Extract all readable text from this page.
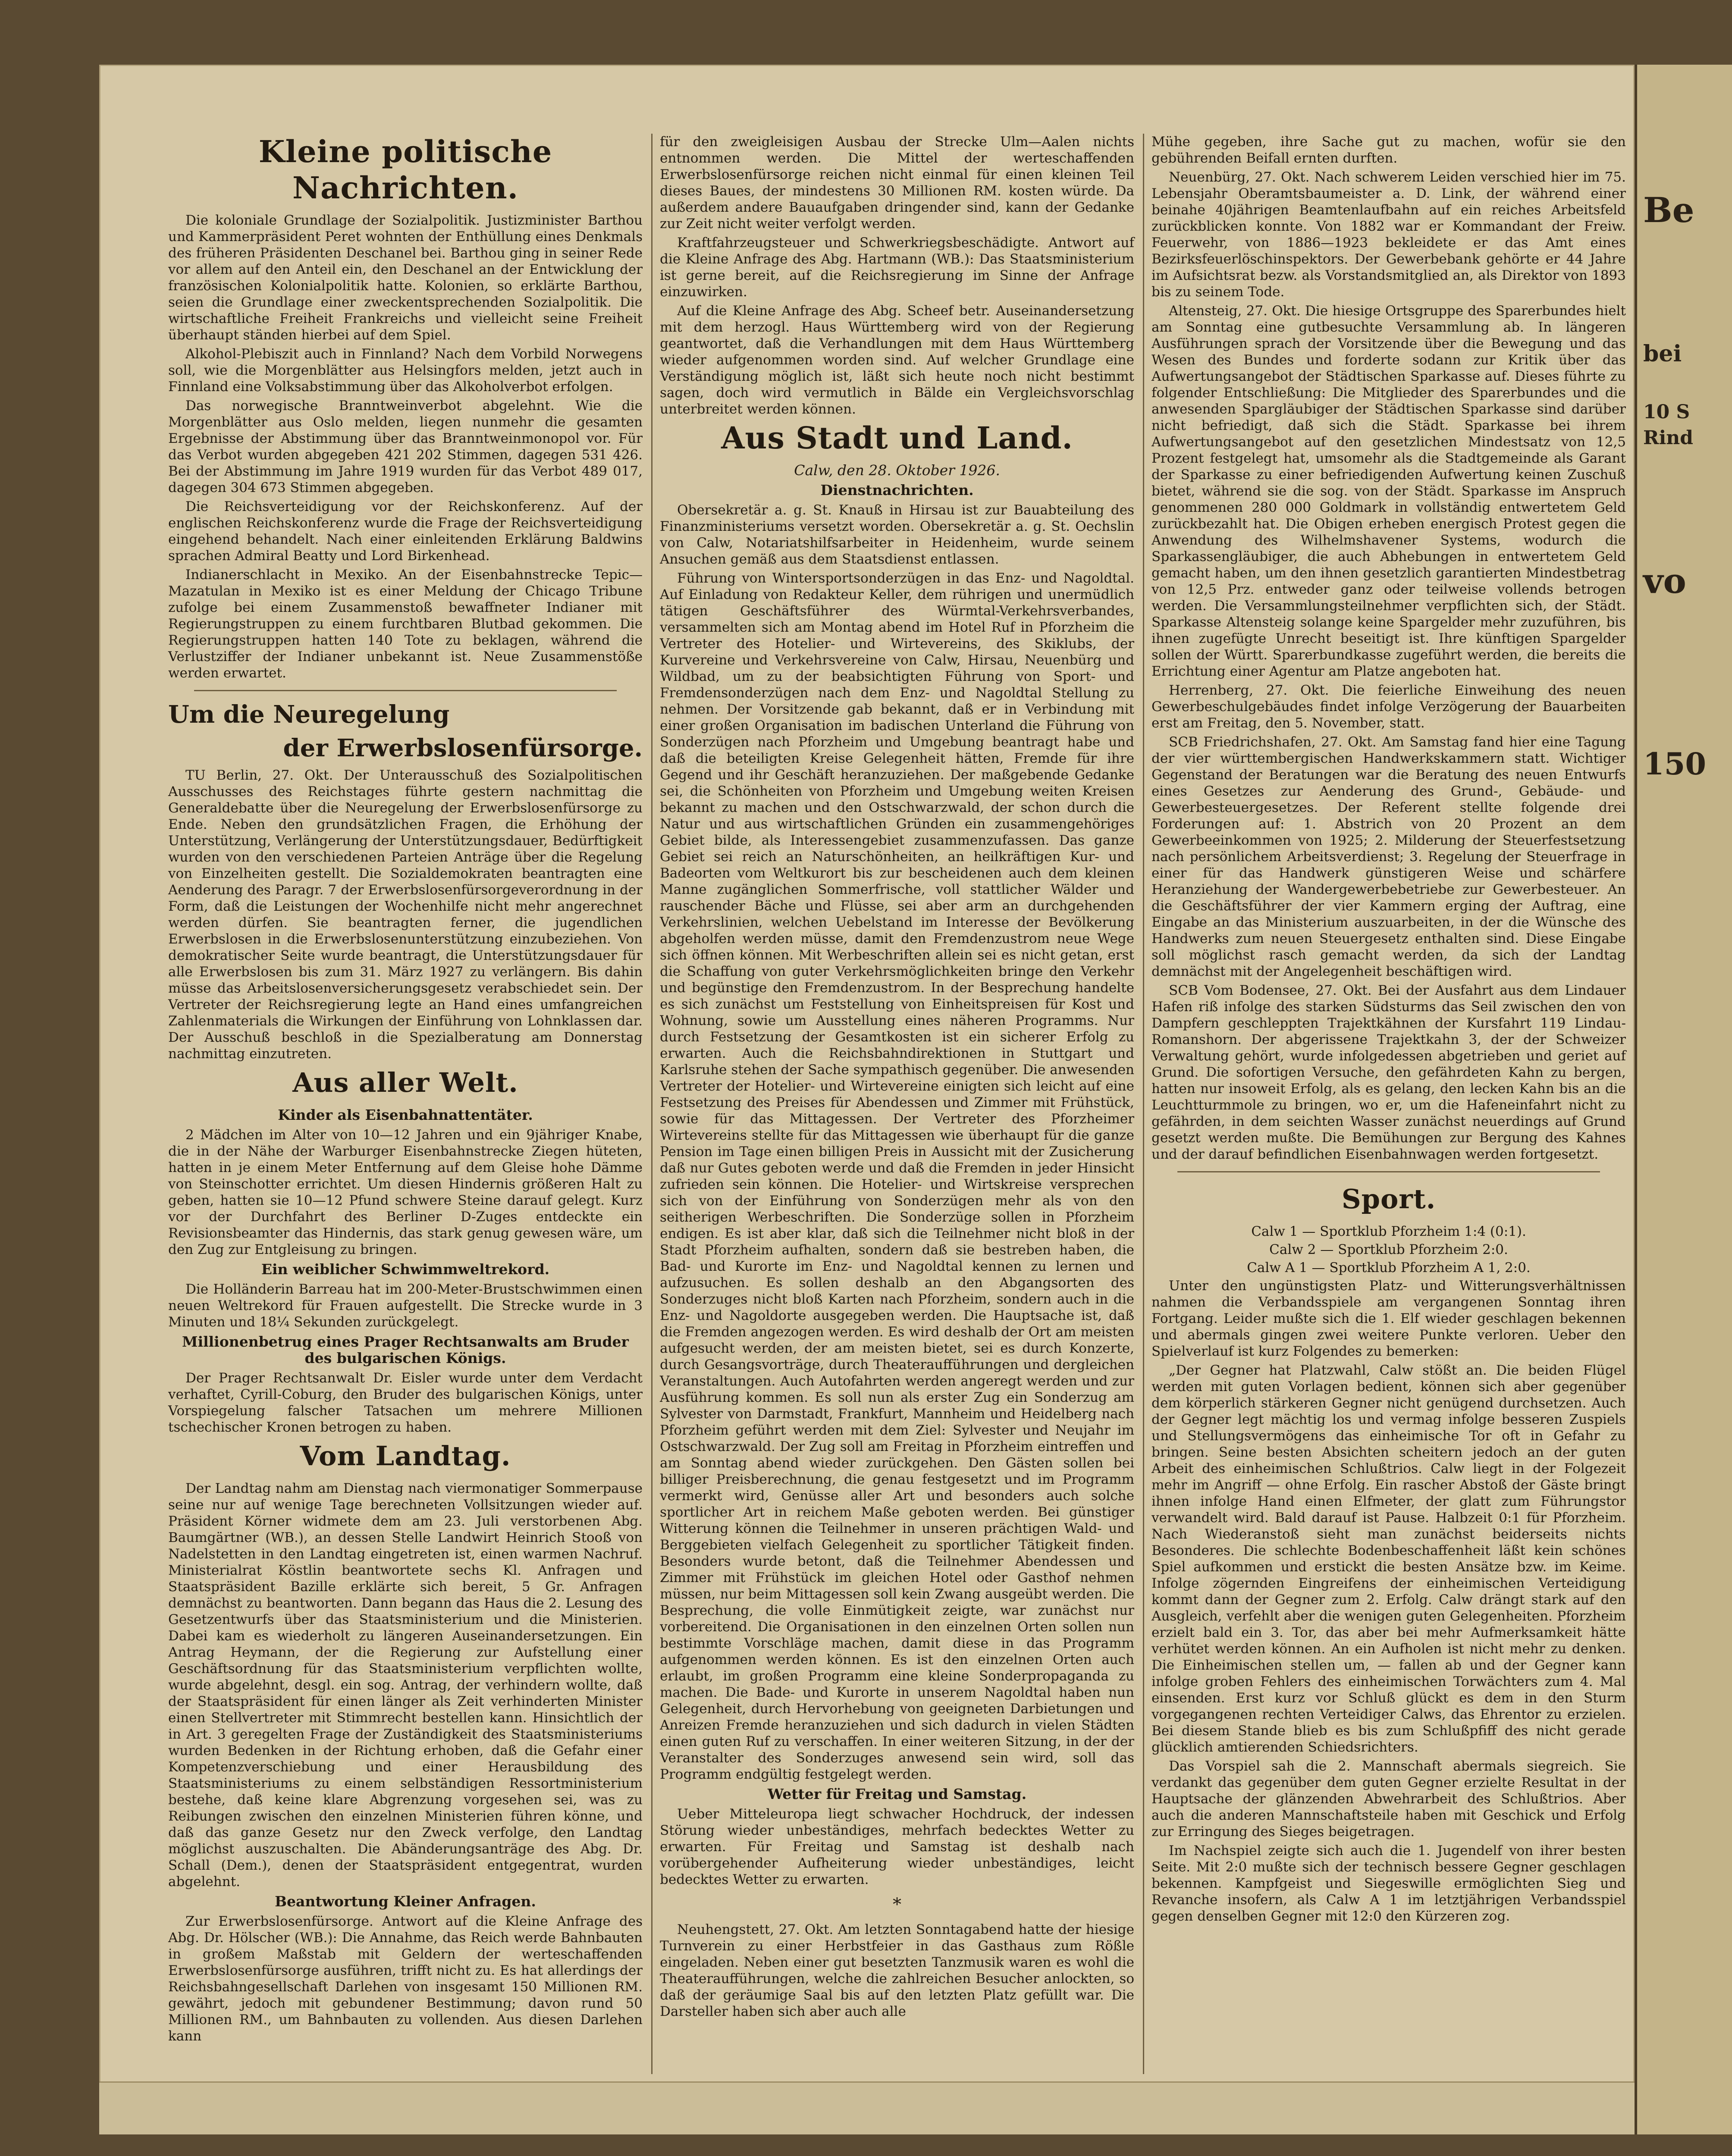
Kleine politische Nachrichten.

Die koloniale Grundlage der Sozialpolitik. Justizminister Barthou und Kammerpräsident Peret wohnten der Enthüllung eines Denkmals des früheren Präsidenten Deschanel bei. Barthou ging in seiner Rede vor allem auf den Anteil ein, den Deschanel an der Entwicklung der französischen Kolonialpolitik hatte. Kolonien, so erklärte Barthou, seien die Grundlage einer zweckentsprechenden Sozialpolitik. Die wirtschaftliche Freiheit Frankreichs und vielleicht seine Freiheit überhaupt ständen hierbei auf dem Spiel.

Alkohol-Plebiszit auch in Finnland? Nach dem Vorbild Norwegens soll, wie die Morgenblätter aus Helsingfors melden, jetzt auch in Finnland eine Volksabstimmung über das Alkoholverbot erfolgen.

Das norwegische Branntweinverbot abgelehnt. Wie die Morgenblätter aus Oslo melden, liegen nunmehr die gesamten Ergebnisse der Abstimmung über das Branntweinmonopol vor. Für das Verbot wurden abgegeben 421 202 Stimmen, dagegen 531 426. Bei der Abstimmung im Jahre 1919 wurden für das Verbot 489 017, dagegen 304 673 Stimmen abgegeben.

Die Reichsverteidigung vor der Reichskonferenz. Auf der englischen Reichskonferenz wurde die Frage der Reichsverteidigung eingehend behandelt. Nach einer einleitenden Erklärung Baldwins sprachen Admiral Beatty und Lord Birkenhead.

Indianerschlacht in Mexiko. An der Eisenbahnstrecke Tepic—Mazatulan in Mexiko ist es einer Meldung der Chicago Tribune zufolge bei einem Zusammenstoß bewaffneter Indianer mit Regierungstruppen zu einem furchtbaren Blutbad gekommen. Die Regierungstruppen hatten 140 Tote zu beklagen, während die Verlustziffer der Indianer unbekannt ist. Neue Zusammenstöße werden erwartet.

Um die Neuregelung
der Erwerbslosenfürsorge.

TU Berlin, 27. Okt. Der Unterausschuß des Sozialpolitischen Ausschusses des Reichstages führte gestern nachmittag die Generaldebatte über die Neuregelung der Erwerbslosenfürsorge zu Ende. Neben den grundsätzlichen Fragen, die Erhöhung der Unterstützung, Verlängerung der Unterstützungsdauer, Bedürftigkeit wurden von den verschiedenen Parteien Anträge über die Regelung von Einzelheiten gestellt. Die Sozialdemokraten beantragten eine Aenderung des Paragr. 7 der Erwerbslosenfürsorgeverordnung in der Form, daß die Leistungen der Wochenhilfe nicht mehr angerechnet werden dürfen. Sie beantragten ferner, die jugendlichen Erwerbslosen in die Erwerbslosenunterstützung einzubeziehen. Von demokratischer Seite wurde beantragt, die Unterstützungsdauer für alle Erwerbslosen bis zum 31. März 1927 zu verlängern. Bis dahin müsse das Arbeitslosenversicherungsgesetz verabschiedet sein. Der Vertreter der Reichsregierung legte an Hand eines umfangreichen Zahlenmaterials die Wirkungen der Einführung von Lohnklassen dar. Der Ausschuß beschloß in die Spezialberatung am Donnerstag nachmittag einzutreten.

Aus aller Welt.
Kinder als Eisenbahnattentäter.

2 Mädchen im Alter von 10—12 Jahren und ein 9jähriger Knabe, die in der Nähe der Warburger Eisenbahnstrecke Ziegen hüteten, hatten in je einem Meter Entfernung auf dem Gleise hohe Dämme von Steinschotter errichtet. Um diesen Hindernis größeren Halt zu geben, hatten sie 10—12 Pfund schwere Steine darauf gelegt. Kurz vor der Durchfahrt des Berliner D-Zuges entdeckte ein Revisionsbeamter das Hindernis, das stark genug gewesen wäre, um den Zug zur Entgleisung zu bringen.

Ein weiblicher Schwimmweltrekord.

Die Holländerin Barreau hat im 200-Meter-Brustschwimmen einen neuen Weltrekord für Frauen aufgestellt. Die Strecke wurde in 3 Minuten und 18¼ Sekunden zurückgelegt.

Millionenbetrug eines Prager Rechtsanwalts am Bruder des bulgarischen Königs.

Der Prager Rechtsanwalt Dr. Eisler wurde unter dem Verdacht verhaftet, Cyrill-Coburg, den Bruder des bulgarischen Königs, unter Vorspiegelung falscher Tatsachen um mehrere Millionen tschechischer Kronen betrogen zu haben.

Vom Landtag.

Der Landtag nahm am Dienstag nach viermonatiger Sommerpause seine nur auf wenige Tage berechneten Vollsitzungen wieder auf. Präsident Körner widmete dem am 23. Juli verstorbenen Abg. Baumgärtner (WB.), an dessen Stelle Landwirt Heinrich Stooß von Nadelstetten in den Landtag eingetreten ist, einen warmen Nachruf. Ministerialrat Köstlin beantwortete sechs Kl. Anfragen und Staatspräsident Bazille erklärte sich bereit, 5 Gr. Anfragen demnächst zu beantworten. Dann begann das Haus die 2. Lesung des Gesetzentwurfs über das Staatsministerium und die Ministerien. Dabei kam es wiederholt zu längeren Auseinandersetzungen. Ein Antrag Heymann, der die Regierung zur Aufstellung einer Geschäftsordnung für das Staatsministerium verpflichten wollte, wurde abgelehnt, desgl. ein sog. Antrag, der verhindern wollte, daß der Staatspräsident für einen länger als Zeit verhinderten Minister einen Stellvertreter mit Stimmrecht bestellen kann. Hinsichtlich der in Art. 3 geregelten Frage der Zuständigkeit des Staatsministeriums wurden Bedenken in der Richtung erhoben, daß die Gefahr einer Kompetenzverschiebung und einer Herausbildung des Staatsministeriums zu einem selbständigen Ressortministerium bestehe, daß keine klare Abgrenzung vorgesehen sei, was zu Reibungen zwischen den einzelnen Ministerien führen könne, und daß das ganze Gesetz nur den Zweck verfolge, den Landtag möglichst auszuschalten. Die Abänderungsanträge des Abg. Dr. Schall (Dem.), denen der Staatspräsident entgegentrat, wurden abgelehnt.

Beantwortung Kleiner Anfragen.

Zur Erwerbslosenfürsorge. Antwort auf die Kleine Anfrage des Abg. Dr. Hölscher (WB.): Die Annahme, das Reich werde Bahnbauten in großem Maßstab mit Geldern der werteschaffenden Erwerbslosenfürsorge ausführen, trifft nicht zu. Es hat allerdings der Reichsbahngesellschaft Darlehen von insgesamt 150 Millionen RM. gewährt, jedoch mit gebundener Bestimmung; davon rund 50 Millionen RM., um Bahnbauten zu vollenden. Aus diesen Darlehen kann

für den zweigleisigen Ausbau der Strecke Ulm—Aalen nichts entnommen werden. Die Mittel der werteschaffenden Erwerbslosenfürsorge reichen nicht einmal für einen kleinen Teil dieses Baues, der mindestens 30 Millionen RM. kosten würde. Da außerdem andere Bauaufgaben dringender sind, kann der Gedanke zur Zeit nicht weiter verfolgt werden.

Kraftfahrzeugsteuer und Schwerkriegsbeschädigte. Antwort auf die Kleine Anfrage des Abg. Hartmann (WB.): Das Staatsministerium ist gerne bereit, auf die Reichsregierung im Sinne der Anfrage einzuwirken.

Auf die Kleine Anfrage des Abg. Scheef betr. Auseinandersetzung mit dem herzogl. Haus Württemberg wird von der Regierung geantwortet, daß die Verhandlungen mit dem Haus Württemberg wieder aufgenommen worden sind. Auf welcher Grundlage eine Verständigung möglich ist, läßt sich heute noch nicht bestimmt sagen, doch wird vermutlich in Bälde ein Vergleichsvorschlag unterbreitet werden können.

Aus Stadt und Land.
Calw, den 28. Oktober 1926.
Dienstnachrichten.

Obersekretär a. g. St. Knauß in Hirsau ist zur Bauabteilung des Finanzministeriums versetzt worden. Obersekretär a. g. St. Oechslin von Calw, Notariatshilfsarbeiter in Heidenheim, wurde seinem Ansuchen gemäß aus dem Staatsdienst entlassen.

Führung von Wintersportsonderzügen in das Enz- und Nagoldtal. Auf Einladung von Redakteur Keller, dem rührigen und unermüdlich tätigen Geschäftsführer des Würmtal-Verkehrsverbandes, versammelten sich am Montag abend im Hotel Ruf in Pforzheim die Vertreter des Hotelier- und Wirtevereins, des Skiklubs, der Kurvereine und Verkehrsvereine von Calw, Hirsau, Neuenbürg und Wildbad, um zu der beabsichtigten Führung von Sport- und Fremdensonderzügen nach dem Enz- und Nagoldtal Stellung zu nehmen. Der Vorsitzende gab bekannt, daß er in Verbindung mit einer großen Organisation im badischen Unterland die Führung von Sonderzügen nach Pforzheim und Umgebung beantragt habe und daß die beteiligten Kreise Gelegenheit hätten, Fremde für ihre Gegend und ihr Geschäft heranzuziehen. Der maßgebende Gedanke sei, die Schönheiten von Pforzheim und Umgebung weiten Kreisen bekannt zu machen und den Ostschwarzwald, der schon durch die Natur und aus wirtschaftlichen Gründen ein zusammengehöriges Gebiet bilde, als Interessengebiet zusammenzufassen. Das ganze Gebiet sei reich an Naturschönheiten, an heilkräftigen Kur- und Badeorten vom Weltkurort bis zur bescheidenen auch dem kleinen Manne zugänglichen Sommerfrische, voll stattlicher Wälder und rauschender Bäche und Flüsse, sei aber arm an durchgehenden Verkehrslinien, welchen Uebelstand im Interesse der Bevölkerung abgeholfen werden müsse, damit den Fremdenzustrom neue Wege sich öffnen können. Mit Werbeschriften allein sei es nicht getan, erst die Schaffung von guter Verkehrsmöglichkeiten bringe den Verkehr und begünstige den Fremdenzustrom. In der Besprechung handelte es sich zunächst um Feststellung von Einheitspreisen für Kost und Wohnung, sowie um Ausstellung eines näheren Programms. Nur durch Festsetzung der Gesamtkosten ist ein sicherer Erfolg zu erwarten. Auch die Reichsbahndirektionen in Stuttgart und Karlsruhe stehen der Sache sympathisch gegenüber. Die anwesenden Vertreter der Hotelier- und Wirtevereine einigten sich leicht auf eine Festsetzung des Preises für Abendessen und Zimmer mit Frühstück, sowie für das Mittagessen. Der Vertreter des Pforzheimer Wirtevereins stellte für das Mittagessen wie überhaupt für die ganze Pension im Tage einen billigen Preis in Aussicht mit der Zusicherung daß nur Gutes geboten werde und daß die Fremden in jeder Hinsicht zufrieden sein können. Die Hotelier- und Wirtskreise versprechen sich von der Einführung von Sonderzügen mehr als von den seitherigen Werbeschriften. Die Sonderzüge sollen in Pforzheim endigen. Es ist aber klar, daß sich die Teilnehmer nicht bloß in der Stadt Pforzheim aufhalten, sondern daß sie bestreben haben, die Bad- und Kurorte im Enz- und Nagoldtal kennen zu lernen und aufzusuchen. Es sollen deshalb an den Abgangsorten des Sonderzuges nicht bloß Karten nach Pforzheim, sondern auch in die Enz- und Nagoldorte ausgegeben werden. Die Hauptsache ist, daß die Fremden angezogen werden. Es wird deshalb der Ort am meisten aufgesucht werden, der am meisten bietet, sei es durch Konzerte, durch Gesangsvorträge, durch Theateraufführungen und dergleichen Veranstaltungen. Auch Autofahrten werden angeregt werden und zur Ausführung kommen. Es soll nun als erster Zug ein Sonderzug am Sylvester von Darmstadt, Frankfurt, Mannheim und Heidelberg nach Pforzheim geführt werden mit dem Ziel: Sylvester und Neujahr im Ostschwarzwald. Der Zug soll am Freitag in Pforzheim eintreffen und am Sonntag abend wieder zurückgehen. Den Gästen sollen bei billiger Preisberechnung, die genau festgesetzt und im Programm vermerkt wird, Genüsse aller Art und besonders auch solche sportlicher Art in reichem Maße geboten werden. Bei günstiger Witterung können die Teilnehmer in unseren prächtigen Wald- und Berggebieten vielfach Gelegenheit zu sportlicher Tätigkeit finden. Besonders wurde betont, daß die Teilnehmer Abendessen und Zimmer mit Frühstück im gleichen Hotel oder Gasthof nehmen müssen, nur beim Mittagessen soll kein Zwang ausgeübt werden. Die Besprechung, die volle Einmütigkeit zeigte, war zunächst nur vorbereitend. Die Organisationen in den einzelnen Orten sollen nun bestimmte Vorschläge machen, damit diese in das Programm aufgenommen werden können. Es ist den einzelnen Orten auch erlaubt, im großen Programm eine kleine Sonderpropaganda zu machen. Die Bade- und Kurorte in unserem Nagoldtal haben nun Gelegenheit, durch Hervorhebung von geeigneten Darbietungen und Anreizen Fremde heranzuziehen und sich dadurch in vielen Städten einen guten Ruf zu verschaffen. In einer weiteren Sitzung, in der der Veranstalter des Sonderzuges anwesend sein wird, soll das Programm endgültig festgelegt werden.

Wetter für Freitag und Samstag.

Ueber Mitteleuropa liegt schwacher Hochdruck, der indessen Störung wieder unbeständiges, mehrfach bedecktes Wetter zu erwarten. Für Freitag und Samstag ist deshalb nach vorübergehender Aufheiterung wieder unbeständiges, leicht bedecktes Wetter zu erwarten.

*

Neuhengstett, 27. Okt. Am letzten Sonntagabend hatte der hiesige Turnverein zu einer Herbstfeier in das Gasthaus zum Rößle eingeladen. Neben einer gut besetzten Tanzmusik waren es wohl die Theateraufführungen, welche die zahlreichen Besucher anlockten, so daß der geräumige Saal bis auf den letzten Platz gefüllt war. Die Darsteller haben sich aber auch alle

Mühe gegeben, ihre Sache gut zu machen, wofür sie den gebührenden Beifall ernten durften.

Neuenbürg, 27. Okt. Nach schwerem Leiden verschied hier im 75. Lebensjahr Oberamtsbaumeister a. D. Link, der während einer beinahe 40jährigen Beamtenlaufbahn auf ein reiches Arbeitsfeld zurückblicken konnte. Von 1882 war er Kommandant der Freiw. Feuerwehr, von 1886—1923 bekleidete er das Amt eines Bezirksfeuerlöschinspektors. Der Gewerbebank gehörte er 44 Jahre im Aufsichtsrat bezw. als Vorstandsmitglied an, als Direktor von 1893 bis zu seinem Tode.

Altensteig, 27. Okt. Die hiesige Ortsgruppe des Sparerbundes hielt am Sonntag eine gutbesuchte Versammlung ab. In längeren Ausführungen sprach der Vorsitzende über die Bewegung und das Wesen des Bundes und forderte sodann zur Kritik über das Aufwertungsangebot der Städtischen Sparkasse auf. Dieses führte zu folgender Entschließung: Die Mitglieder des Sparerbundes und die anwesenden Spargläubiger der Städtischen Sparkasse sind darüber nicht befriedigt, daß sich die Städt. Sparkasse bei ihrem Aufwertungsangebot auf den gesetzlichen Mindestsatz von 12,5 Prozent festgelegt hat, umsomehr als die Stadtgemeinde als Garant der Sparkasse zu einer befriedigenden Aufwertung keinen Zuschuß bietet, während sie die sog. von der Städt. Sparkasse im Anspruch genommenen 280 000 Goldmark in vollständig entwertetem Geld zurückbezahlt hat. Die Obigen erheben energisch Protest gegen die Anwendung des Wilhelmshavener Systems, wodurch die Sparkassengläubiger, die auch Abhebungen in entwertetem Geld gemacht haben, um den ihnen gesetzlich garantierten Mindestbetrag von 12,5 Prz. entweder ganz oder teilweise vollends betrogen werden. Die Versammlungsteilnehmer verpflichten sich, der Städt. Sparkasse Altensteig solange keine Spargelder mehr zuzuführen, bis ihnen zugefügte Unrecht beseitigt ist. Ihre künftigen Spargelder sollen der Württ. Sparerbundkasse zugeführt werden, die bereits die Errichtung einer Agentur am Platze angeboten hat.

Herrenberg, 27. Okt. Die feierliche Einweihung des neuen Gewerbeschulgebäudes findet infolge Verzögerung der Bauarbeiten erst am Freitag, den 5. November, statt.

SCB Friedrichshafen, 27. Okt. Am Samstag fand hier eine Tagung der vier württembergischen Handwerkskammern statt. Wichtiger Gegenstand der Beratungen war die Beratung des neuen Entwurfs eines Gesetzes zur Aenderung des Grund-, Gebäude- und Gewerbesteuergesetzes. Der Referent stellte folgende drei Forderungen auf: 1. Abstrich von 20 Prozent an dem Gewerbeeinkommen von 1925; 2. Milderung der Steuerfestsetzung nach persönlichem Arbeitsverdienst; 3. Regelung der Steuerfrage in einer für das Handwerk günstigeren Weise und schärfere Heranziehung der Wandergewerbebetriebe zur Gewerbesteuer. An die Geschäftsführer der vier Kammern erging der Auftrag, eine Eingabe an das Ministerium auszuarbeiten, in der die Wünsche des Handwerks zum neuen Steuergesetz enthalten sind. Diese Eingabe soll möglichst rasch gemacht werden, da sich der Landtag demnächst mit der Angelegenheit beschäftigen wird.

SCB Vom Bodensee, 27. Okt. Bei der Ausfahrt aus dem Lindauer Hafen riß infolge des starken Südsturms das Seil zwischen den von Dampfern geschleppten Trajektkähnen der Kursfahrt 119 Lindau-Romanshorn. Der abgerissene Trajektkahn 3, der der Schweizer Verwaltung gehört, wurde infolgedessen abgetrieben und geriet auf Grund. Die sofortigen Versuche, den gefährdeten Kahn zu bergen, hatten nur insoweit Erfolg, als es gelang, den lecken Kahn bis an die Leuchtturmmole zu bringen, wo er, um die Hafeneinfahrt nicht zu gefährden, in dem seichten Wasser zunächst neuerdings auf Grund gesetzt werden mußte. Die Bemühungen zur Bergung des Kahnes und der darauf befindlichen Eisenbahnwagen werden fortgesetzt.

Sport.
Calw 1 — Sportklub Pforzheim 1:4 (0:1).
Calw 2 — Sportklub Pforzheim 2:0.
Calw A 1 — Sportklub Pforzheim A 1, 2:0.

Unter den ungünstigsten Platz- und Witterungsverhältnissen nahmen die Verbandsspiele am vergangenen Sonntag ihren Fortgang. Leider mußte sich die 1. Elf wieder geschlagen bekennen und abermals gingen zwei weitere Punkte verloren. Ueber den Spielverlauf ist kurz Folgendes zu bemerken:

„Der Gegner hat Platzwahl, Calw stößt an. Die beiden Flügel werden mit guten Vorlagen bedient, können sich aber gegenüber dem körperlich stärkeren Gegner nicht genügend durchsetzen. Auch der Gegner legt mächtig los und vermag infolge besseren Zuspiels und Stellungsvermögens das einheimische Tor oft in Gefahr zu bringen. Seine besten Absichten scheitern jedoch an der guten Arbeit des einheimischen Schlußtrios. Calw liegt in der Folgezeit mehr im Angriff — ohne Erfolg. Ein rascher Abstoß der Gäste bringt ihnen infolge Hand einen Elfmeter, der glatt zum Führungstor verwandelt wird. Bald darauf ist Pause. Halbzeit 0:1 für Pforzheim. Nach Wiederanstoß sieht man zunächst beiderseits nichts Besonderes. Die schlechte Bodenbeschaffenheit läßt kein schönes Spiel aufkommen und erstickt die besten Ansätze bzw. im Keime. Infolge zögernden Eingreifens der einheimischen Verteidigung kommt dann der Gegner zum 2. Erfolg. Calw drängt stark auf den Ausgleich, verfehlt aber die wenigen guten Gelegenheiten. Pforzheim erzielt bald ein 3. Tor, das aber bei mehr Aufmerksamkeit hätte verhütet werden können. An ein Aufholen ist nicht mehr zu denken. Die Einheimischen stellen um, — fallen ab und der Gegner kann infolge groben Fehlers des einheimischen Torwächters zum 4. Mal einsenden. Erst kurz vor Schluß glückt es dem in den Sturm vorgegangenen rechten Verteidiger Calws, das Ehrentor zu erzielen. Bei diesem Stande blieb es bis zum Schlußpfiff des nicht gerade glücklich amtierenden Schiedsrichters.

Das Vorspiel sah die 2. Mannschaft abermals siegreich. Sie verdankt das gegenüber dem guten Gegner erzielte Resultat in der Hauptsache der glänzenden Abwehrarbeit des Schlußtrios. Aber auch die anderen Mannschaftsteile haben mit Geschick und Erfolg zur Erringung des Sieges beigetragen.

Im Nachspiel zeigte sich auch die 1. Jugendelf von ihrer besten Seite. Mit 2:0 mußte sich der technisch bessere Gegner geschlagen bekennen. Kampfgeist und Siegeswille ermöglichten Sieg und Revanche insofern, als Calw A 1 im letztjährigen Verbandsspiel gegen denselben Gegner mit 12:0 den Kürzeren zog.

Be

bei

10 S

Rind

vo

150
